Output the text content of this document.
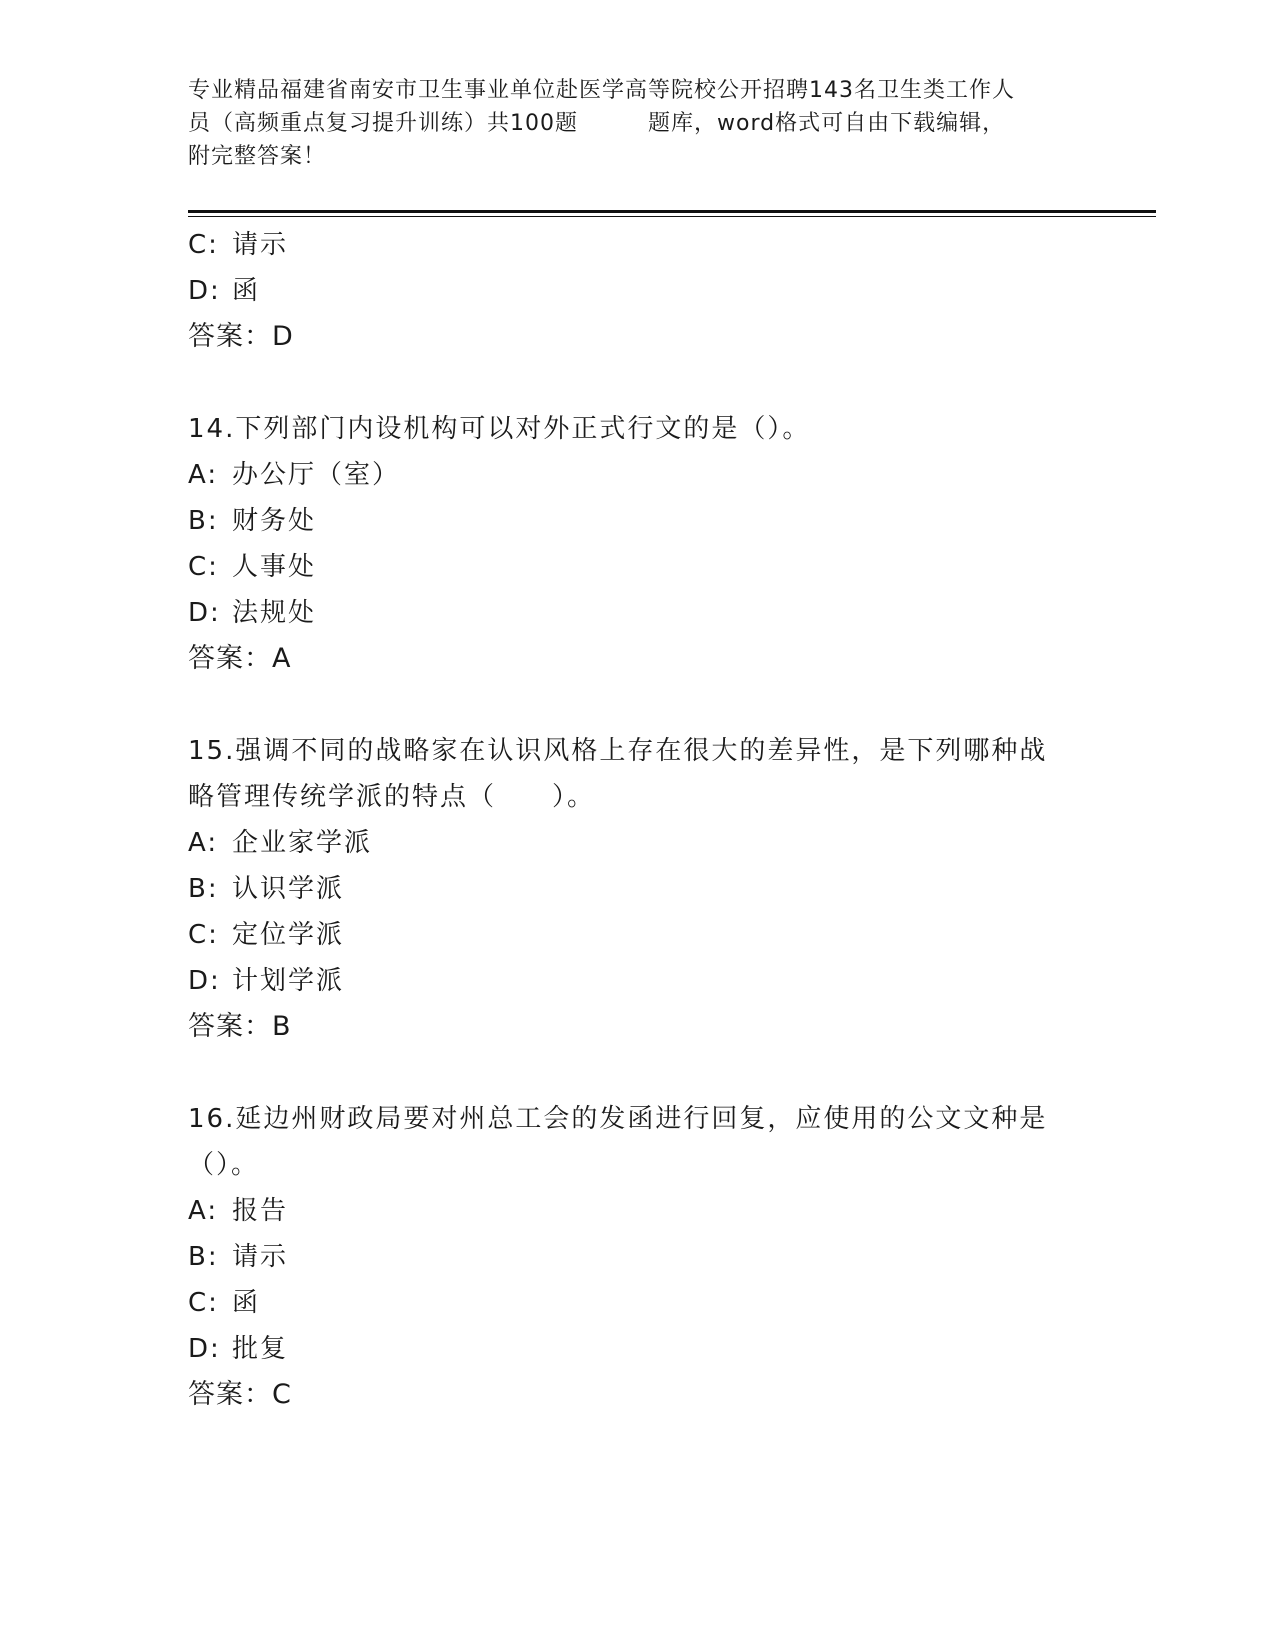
专业精品福建省南安市卫生事业单位赴医学高等院校公开招聘143名卫生类工作人
员（高频重点复习提升训练）共100题	题库，word格式可自由下载编辑，
附完整答案！
C: 请示
D: 函
答案：D
14.下列部门内设机构可以对外正式行文的是（）。
A: 办公厅（室）
B: 财务处
C: 人事处
D: 法规处
答案：A
15.强调不同的战略家在认识风格上存在很大的差异性，是下列哪种战
略管理传统学派的特点（　　）。
A: 企业家学派
B: 认识学派
C: 定位学派
D: 计划学派
答案：B
16.延边州财政局要对州总工会的发函进行回复，应使用的公文文种是
（）。
A: 报告
B: 请示
C: 函
D: 批复
答案：C
